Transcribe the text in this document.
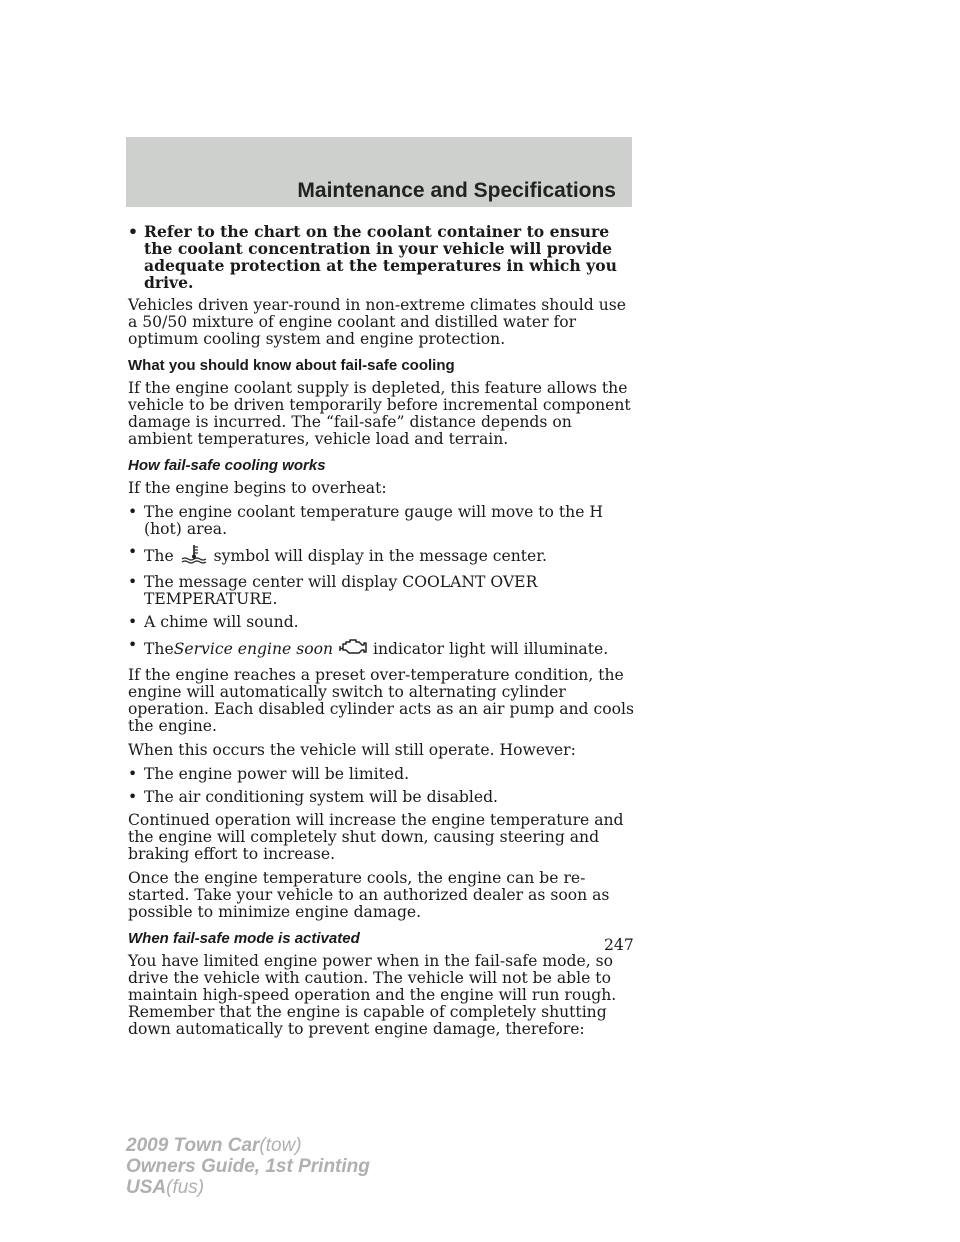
Maintenance and Specifications
• Refer to the chart on the coolant container to ensure the coolant concentration in your vehicle will provide adequate protection at the temperatures in which you drive.

Vehicles driven year-round in non-extreme climates should use a 50/50 mixture of engine coolant and distilled water for optimum cooling system and engine protection.

What you should know about fail-safe cooling

If the engine coolant supply is depleted, this feature allows the vehicle to be driven temporarily before incremental component damage is incurred. The “fail-safe” distance depends on ambient temperatures, vehicle load and terrain.

How fail-safe cooling works

If the engine begins to overheat:

• The engine coolant temperature gauge will move to the H (hot) area.
• The	symbol will display in the message center.
• The message center will display COOLANT OVER TEMPERATURE.
• A chime will sound.
• TheService engine soon	indicator light will illuminate.

If the engine reaches a preset over-temperature condition, the engine will automatically switch to alternating cylinder operation. Each disabled cylinder acts as an air pump and cools the engine.

When this occurs the vehicle will still operate. However:

• The engine power will be limited.
• The air conditioning system will be disabled.

Continued operation will increase the engine temperature and the engine will completely shut down, causing steering and braking effort to increase.

Once the engine temperature cools, the engine can be re-started. Take your vehicle to an authorized dealer as soon as possible to minimize engine damage.

When fail-safe mode is activated

You have limited engine power when in the fail-safe mode, so drive the vehicle with caution. The vehicle will not be able to maintain high-speed operation and the engine will run rough. Remember that the engine is capable of completely shutting down automatically to prevent engine damage, therefore:

247
2009 Town Car(tow)
Owners Guide, 1st Printing
USA(fus)
